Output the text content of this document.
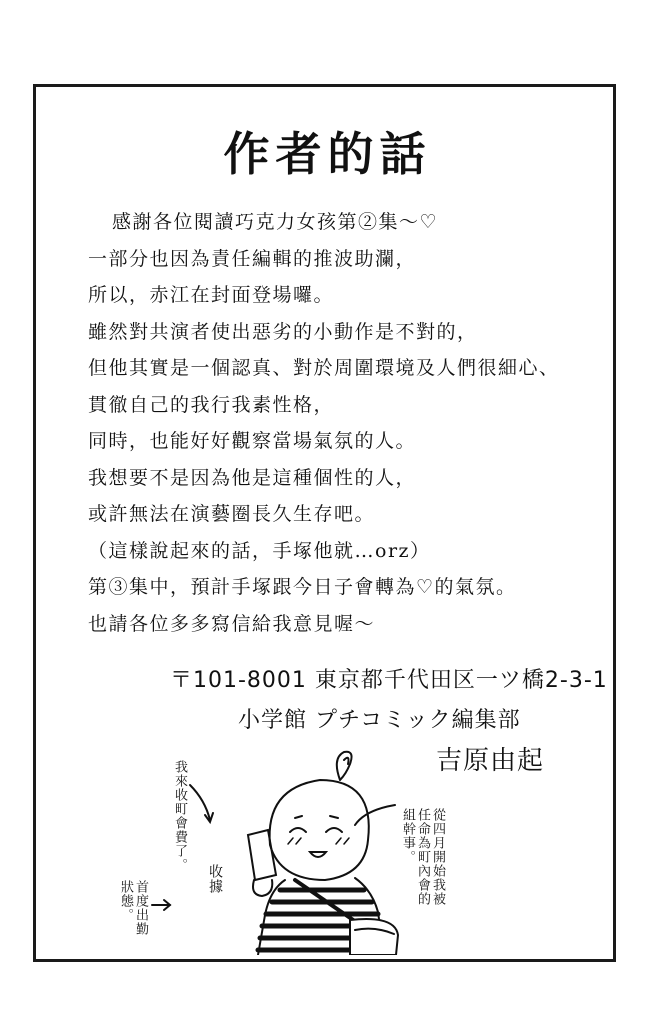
作者的話
感謝各位閱讀巧克力女孩第②集～♡
一部分也因為責任編輯的推波助瀾，
所以，赤江在封面登場囉。
雖然對共演者使出惡劣的小動作是不對的，
但他其實是一個認真、對於周圍環境及人們很細心、
貫徹自己的我行我素性格，
同時，也能好好觀察當場氣氛的人。
我想要不是因為他是這種個性的人，
或許無法在演藝圈長久生存吧。
（這樣說起來的話，手塚他就…orz）
第③集中，預計手塚跟今日子會轉為♡的氣氛。
也請各位多多寫信給我意見喔～
〒101-8001 東京都千代田区一ツ橋2-3-1
小学館 プチコミック編集部
吉原由起
我來收町會費了。
收據	從四月開始我被任命為町內會的組幹事。
首度出勤狀態。
